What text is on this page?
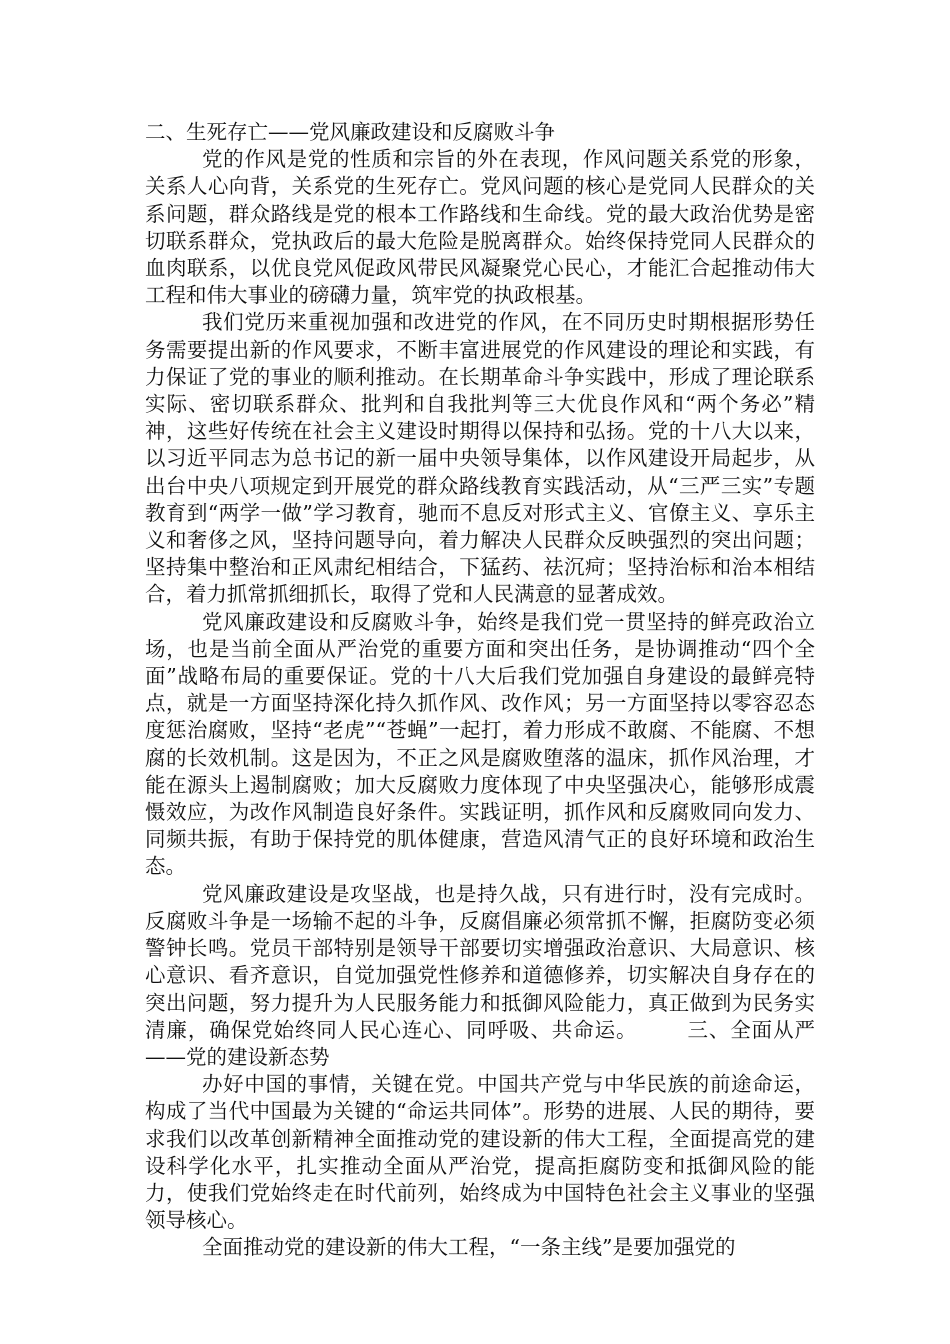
二、生死存亡——党风廉政建设和反腐败斗争

党的作风是党的性质和宗旨的外在表现，作风问题关系党的形象，关系人心向背，关系党的生死存亡。党风问题的核心是党同人民群众的关系问题，群众路线是党的根本工作路线和生命线。党的最大政治优势是密切联系群众，党执政后的最大危险是脱离群众。始终保持党同人民群众的血肉联系，以优良党风促政风带民风凝聚党心民心，才能汇合起推动伟大工程和伟大事业的磅礴力量，筑牢党的执政根基。

我们党历来重视加强和改进党的作风，在不同历史时期根据形势任务需要提出新的作风要求，不断丰富进展党的作风建设的理论和实践，有力保证了党的事业的顺利推动。在长期革命斗争实践中，形成了理论联系实际、密切联系群众、批判和自我批判等三大优良作风和“两个务必”精神，这些好传统在社会主义建设时期得以保持和弘扬。党的十八大以来，以习近平同志为总书记的新一届中央领导集体，以作风建设开局起步，从出台中央八项规定到开展党的群众路线教育实践活动，从“三严三实”专题教育到“两学一做”学习教育，驰而不息反对形式主义、官僚主义、享乐主义和奢侈之风，坚持问题导向，着力解决人民群众反映强烈的突出问题；坚持集中整治和正风肃纪相结合，下猛药、祛沉疴；坚持治标和治本相结合，着力抓常抓细抓长，取得了党和人民满意的显著成效。

党风廉政建设和反腐败斗争，始终是我们党一贯坚持的鲜亮政治立场，也是当前全面从严治党的重要方面和突出任务，是协调推动“四个全面”战略布局的重要保证。党的十八大后我们党加强自身建设的最鲜亮特点，就是一方面坚持深化持久抓作风、改作风；另一方面坚持以零容忍态度惩治腐败，坚持“老虎”“苍蝇”一起打，着力形成不敢腐、不能腐、不想腐的长效机制。这是因为，不正之风是腐败堕落的温床，抓作风治理，才能在源头上遏制腐败；加大反腐败力度体现了中央坚强决心，能够形成震慑效应，为改作风制造良好条件。实践证明，抓作风和反腐败同向发力、同频共振，有助于保持党的肌体健康，营造风清气正的良好环境和政治生态。

党风廉政建设是攻坚战，也是持久战，只有进行时，没有完成时。反腐败斗争是一场输不起的斗争，反腐倡廉必须常抓不懈，拒腐防变必须警钟长鸣。党员干部特别是领导干部要切实增强政治意识、大局意识、核心意识、看齐意识，自觉加强党性修养和道德修养，切实解决自身存在的突出问题，努力提升为人民服务能力和抵御风险能力，真正做到为民务实清廉，确保党始终同人民心连心、同呼吸、共命运。 三、全面从严——党的建设新态势

办好中国的事情，关键在党。中国共产党与中华民族的前途命运，构成了当代中国最为关键的“命运共同体”。形势的进展、人民的期待，要求我们以改革创新精神全面推动党的建设新的伟大工程，全面提高党的建设科学化水平，扎实推动全面从严治党，提高拒腐防变和抵御风险的能力，使我们党始终走在时代前列，始终成为中国特色社会主义事业的坚强领导核心。

全面推动党的建设新的伟大工程，“一条主线”是要加强党的
